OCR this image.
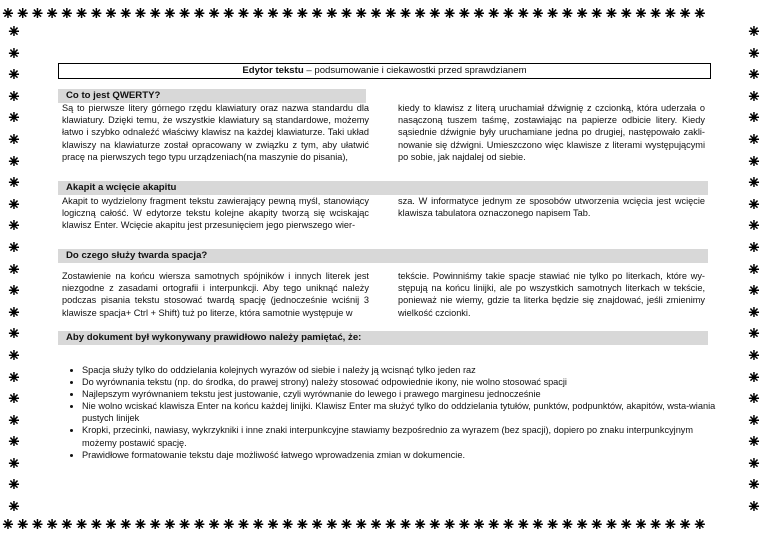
⁕⁕⁕⁕⁕⁕⁕⁕⁕⁕⁕⁕⁕⁕⁕⁕⁕⁕⁕⁕⁕⁕⁕⁕⁕⁕⁕⁕⁕⁕⁕⁕⁕⁕⁕⁕⁕⁕⁕⁕⁕⁕⁕⁕⁕⁕⁕⁕
⁕⁕⁕⁕⁕⁕⁕⁕⁕⁕⁕⁕⁕⁕⁕⁕⁕⁕⁕⁕⁕⁕⁕⁕⁕⁕⁕⁕⁕⁕⁕⁕⁕⁕⁕⁕⁕⁕⁕⁕⁕⁕⁕⁕⁕⁕⁕⁕
⁕
⁕
⁕
⁕
⁕
⁕
⁕
⁕
⁕
⁕
⁕
⁕
⁕
⁕
⁕
⁕
⁕
⁕
⁕
⁕
⁕
⁕
⁕
⁕
⁕
⁕
⁕
⁕
⁕
⁕
⁕
⁕
⁕
⁕
⁕
⁕
⁕
⁕
⁕
⁕
⁕
⁕
⁕
⁕
⁕
⁕
Edytor tekstu – podsumowanie i ciekawostki przed sprawdzianem
Co to jest QWERTY?
Są to pierwsze litery górnego rzędu klawiatury oraz nazwa standardu dla klawiatury. Dzięki temu, że wszystkie klawiatury są standardowe, możemy łatwo i szybko odnaleźć właściwy klawisz na każdej klawiaturze. Taki układ klawiszy na klawiaturze został opracowany w związku z tym, aby ułatwić pracę na pierwszych tego typu urządzeniach(na maszynie do pisania),
kiedy to klawisz z literą uruchamiał dźwignię z czcionką, która uderzała o nasączoną tuszem taśmę, zostawiając na papierze odbicie litery. Kiedy sąsiednie dźwignie były uruchamiane jedna po drugiej, następowało zakli-nowanie się dźwigni. Umieszczono więc klawisze z literami występującymi po sobie, jak najdalej od siebie.
Akapit a wcięcie akapitu
Akapit to wydzielony fragment tekstu zawierający pewną myśl, stanowiący logiczną całość. W edytorze tekstu kolejne akapity tworzą się wciskając klawisz Enter. Wcięcie akapitu jest przesunięciem jego pierwszego wier-
sza. W informatyce jednym ze sposobów utworzenia wcięcia jest wcięcie klawisza tabulatora oznaczonego napisem Tab.
Do czego służy twarda spacja?
Zostawienie na końcu wiersza samotnych spójników i innych literek jest niezgodne z zasadami ortografii i interpunkcji. Aby tego uniknąć należy podczas pisania tekstu stosować twardą spację (jednocześnie wciśnij 3 klawisze spacja+ Ctrl + Shift) tuż po literze, która samotnie występuje w
tekście. Powinniśmy takie spacje stawiać nie tylko po literkach, które wy-stępują na końcu linijki, ale po wszystkich samotnych literkach w tekście, ponieważ nie wiemy, gdzie ta literka będzie się znajdować, jeśli zmienimy wielkość czcionki.
Aby dokument był wykonywany prawidłowo należy pamiętać, że:
• Spacja służy tylko do oddzielania kolejnych wyrazów od siebie i należy ją wcisnąć tylko jeden raz
• Do wyrównania tekstu (np. do środka, do prawej strony) należy stosować odpowiednie ikony, nie wolno stosować spacji
• Najlepszym wyrównaniem tekstu jest justowanie, czyli wyrównanie do lewego i prawego marginesu jednocześnie
• Nie wolno wciskać klawisza Enter na końcu każdej linijki. Klawisz Enter ma służyć tylko do oddzielania tytułów, punktów, podpunktów, akapitów, wsta-wiania pustych linijek
• Kropki, przecinki, nawiasy, wykrzykniki i inne znaki interpunkcyjne stawiamy bezpośrednio za wyrazem (bez spacji), dopiero po znaku interpunkcyjnym możemy postawić spację.
• Prawidłowe formatowanie tekstu daje możliwość łatwego wprowadzenia zmian w dokumencie.
